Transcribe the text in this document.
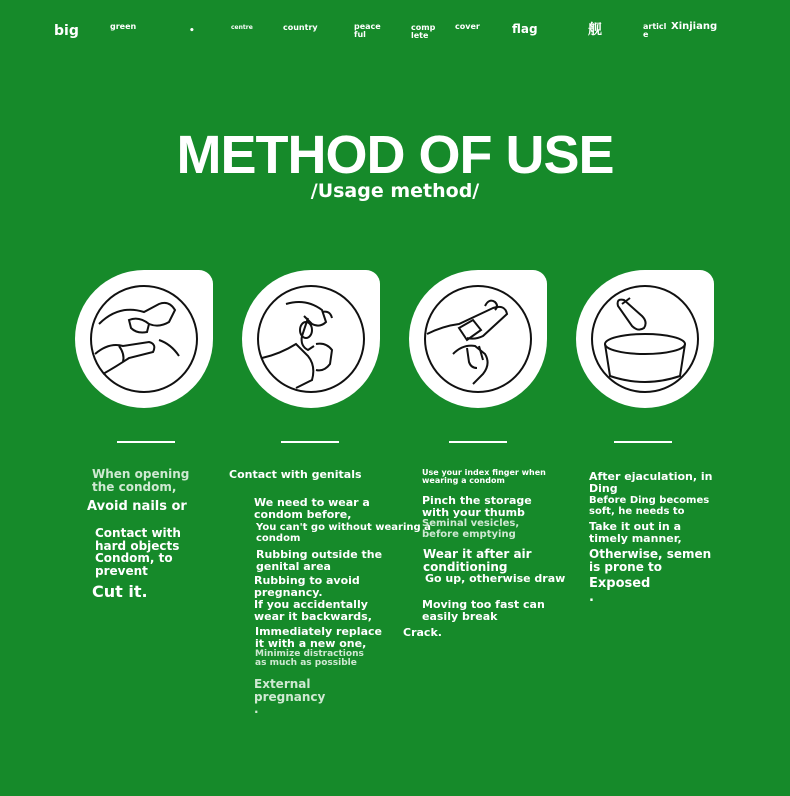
big	green	•	centre	country	peace
ful
comp
lete
cover	flag	舰	articl
e
Xinjiang
METHOD OF USE
/Usage method/
When opening
the condom,
Avoid nails or
Contact with
hard objects
Condom, to
prevent
Cut it.
Contact with genitals
We need to wear a
condom before,
You can't go without wearing a
condom
Rubbing outside the
genital area
Rubbing to avoid
pregnancy.
If you accidentally
wear it backwards,
Immediately replace
it with a new one,
Minimize distractions
as much as possible
External
pregnancy
.
Use your index finger when
wearing a condom
Pinch the storage
with your thumb
Seminal vesicles,
before emptying
Wear it after air
conditioning
Go up, otherwise draw
Moving too fast can
easily break
Crack.
After ejaculation, in
Ding
Before Ding becomes
soft, he needs to
Take it out in a
timely manner,
Otherwise, semen
is prone to
Exposed
.
